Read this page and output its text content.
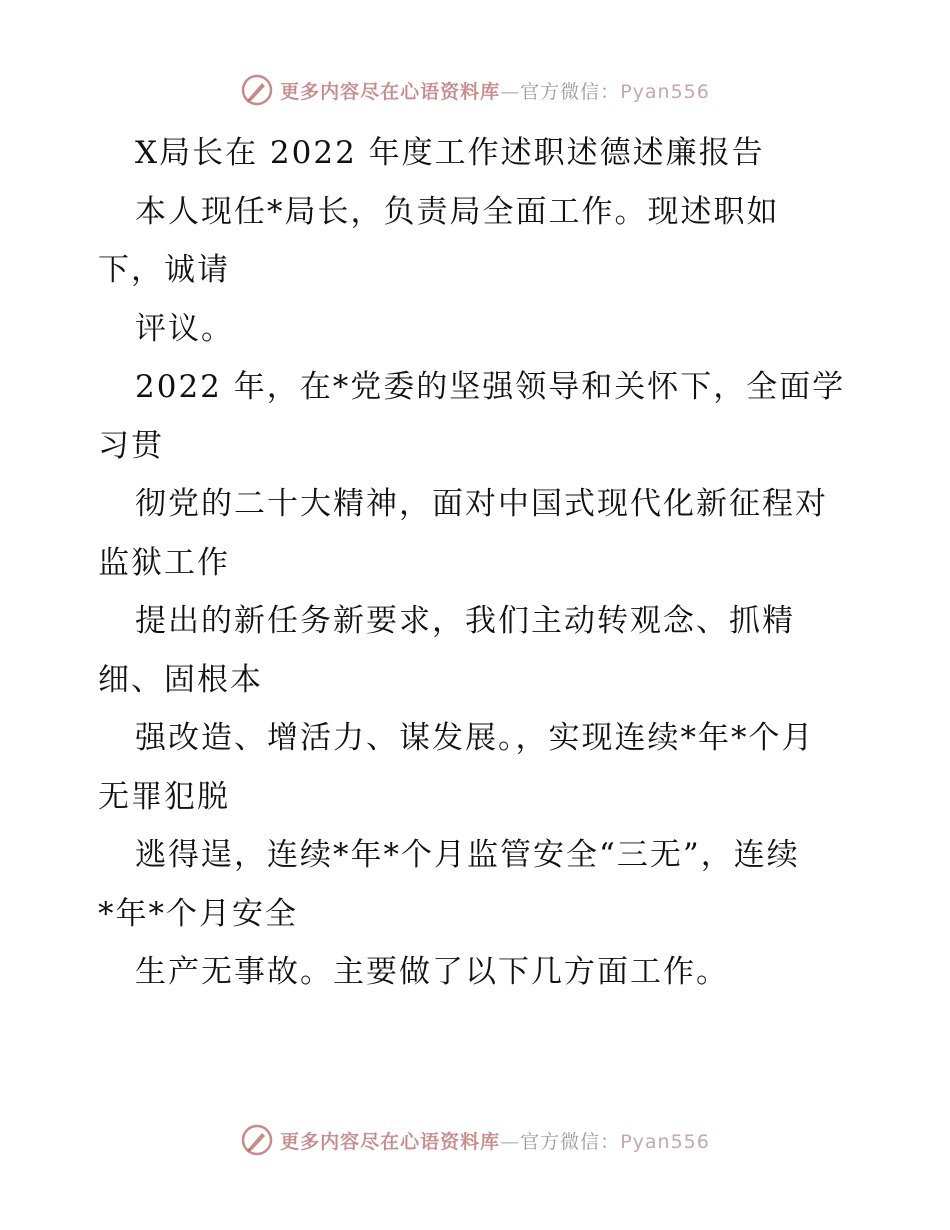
更多内容尽在心语资料库—官方微信：Pyan556
X局长在 2022 年度工作述职述德述廉报告
本人现任*局长，负责局全面工作。现述职如
下，诚请
评议。
2022 年，在*党委的坚强领导和关怀下，全面学
习贯
彻党的二十大精神，面对中国式现代化新征程对
监狱工作
提出的新任务新要求，我们主动转观念、抓精
细、固根本
强改造、增活力、谋发展。，实现连续*年*个月
无罪犯脱
逃得逞，连续*年*个月监管安全“三无”，连续
*年*个月安全
生产无事故。主要做了以下几方面工作。
更多内容尽在心语资料库—官方微信：Pyan556
